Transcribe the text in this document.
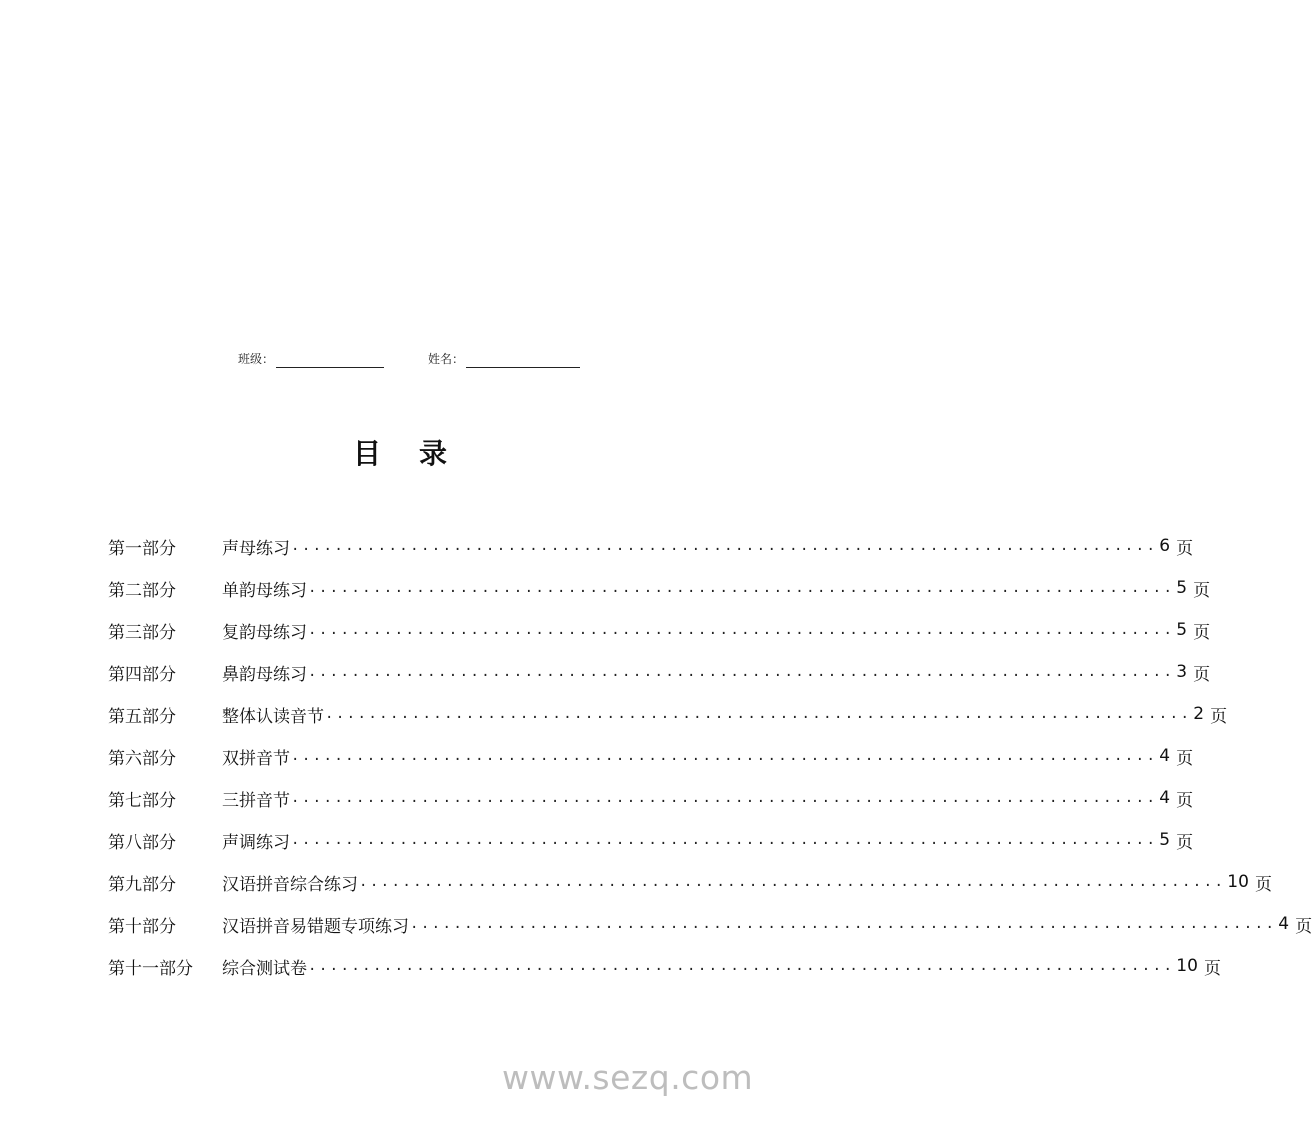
班级：	姓名：
目 录
第一部分	声母练习 ................................................................................ 6 页
第二部分	单韵母练习 ................................................................................ 5 页
第三部分	复韵母练习 ................................................................................ 5 页
第四部分	鼻韵母练习 ................................................................................ 3 页
第五部分	整体认读音节 ................................................................................ 2 页
第六部分	双拼音节 ................................................................................ 4 页
第七部分	三拼音节 ................................................................................ 4 页
第八部分	声调练习 ................................................................................ 5 页
第九部分	汉语拼音综合练习 ................................................................................ 10 页
第十部分	汉语拼音易错题专项练习 ................................................................................ 4 页
第十一部分	综合测试卷 ................................................................................ 10 页
www.sezq.com
